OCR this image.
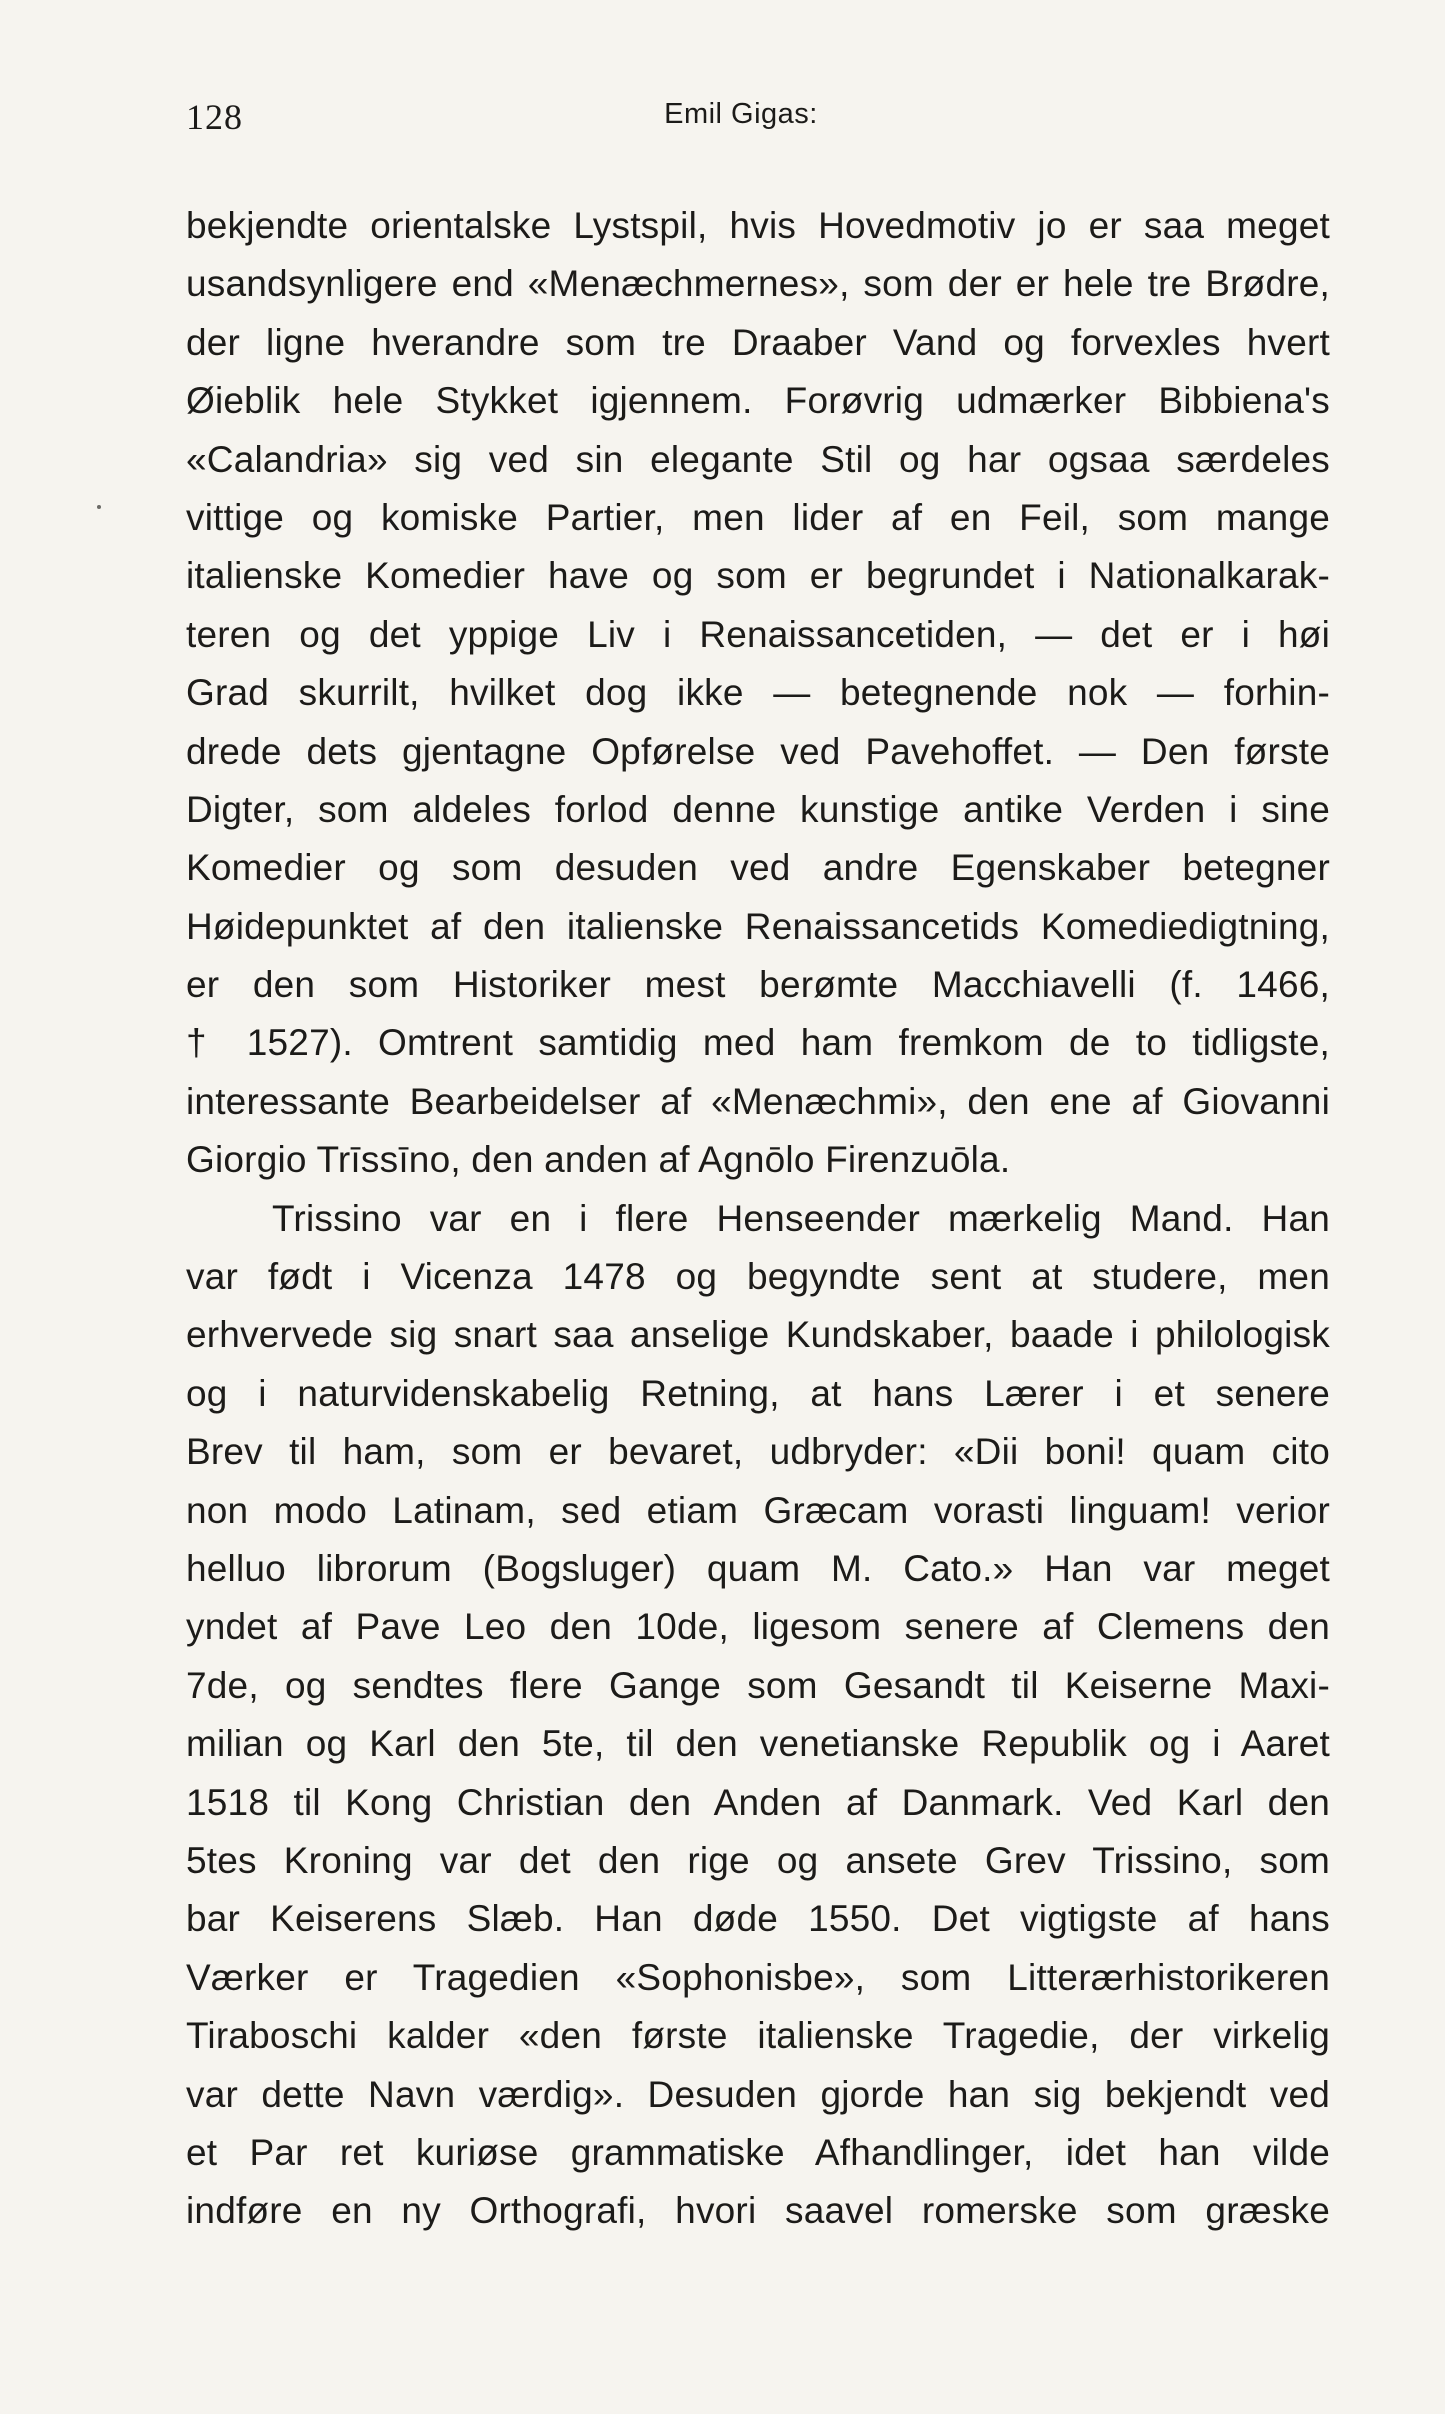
128	Emil Gigas:
bekjendte orientalske Lystspil, hvis Hovedmotiv jo er saa meget
usandsynligere end «Menæchmernes», som der er hele tre Brødre,
der ligne hverandre som tre Draaber Vand og forvexles hvert
Øieblik hele Stykket igjennem. Forøvrig udmærker Bibbiena's
«Calandria» sig ved sin elegante Stil og har ogsaa særdeles
vittige og komiske Partier, men lider af en Feil, som mange
italienske Komedier have og som er begrundet i Nationalkarak-
teren og det yppige Liv i Renaissancetiden, — det er i høi
Grad skurrilt, hvilket dog ikke — betegnende nok — forhin-
drede dets gjentagne Opførelse ved Pavehoffet. — Den første
Digter, som aldeles forlod denne kunstige antike Verden i sine
Komedier og som desuden ved andre Egenskaber betegner
Høidepunktet af den italienske Renaissancetids Komediedigtning,
er den som Historiker mest berømte Macchiavelli (f. 1466,
† 1527). Omtrent samtidig med ham fremkom de to tidligste,
interessante Bearbeidelser af «Menæchmi», den ene af Giovanni
Giorgio Trīssīno, den anden af Agnōlo Firenzuōla.
Trissino var en i flere Henseender mærkelig Mand. Han
var født i Vicenza 1478 og begyndte sent at studere, men
erhvervede sig snart saa anselige Kundskaber, baade i philologisk
og i naturvidenskabelig Retning, at hans Lærer i et senere
Brev til ham, som er bevaret, udbryder: «Dii boni! quam cito
non modo Latinam, sed etiam Græcam vorasti linguam! verior
helluo librorum (Bogsluger) quam M. Cato.» Han var meget
yndet af Pave Leo den 10de, ligesom senere af Clemens den
7de, og sendtes flere Gange som Gesandt til Keiserne Maxi-
milian og Karl den 5te, til den venetianske Republik og i Aaret
1518 til Kong Christian den Anden af Danmark. Ved Karl den
5tes Kroning var det den rige og ansete Grev Trissino, som
bar Keiserens Slæb. Han døde 1550. Det vigtigste af hans
Værker er Tragedien «Sophonisbe», som Litterærhistorikeren
Tiraboschi kalder «den første italienske Tragedie, der virkelig
var dette Navn værdig». Desuden gjorde han sig bekjendt ved
et Par ret kuriøse grammatiske Afhandlinger, idet han vilde
indføre en ny Orthografi, hvori saavel romerske som græske
